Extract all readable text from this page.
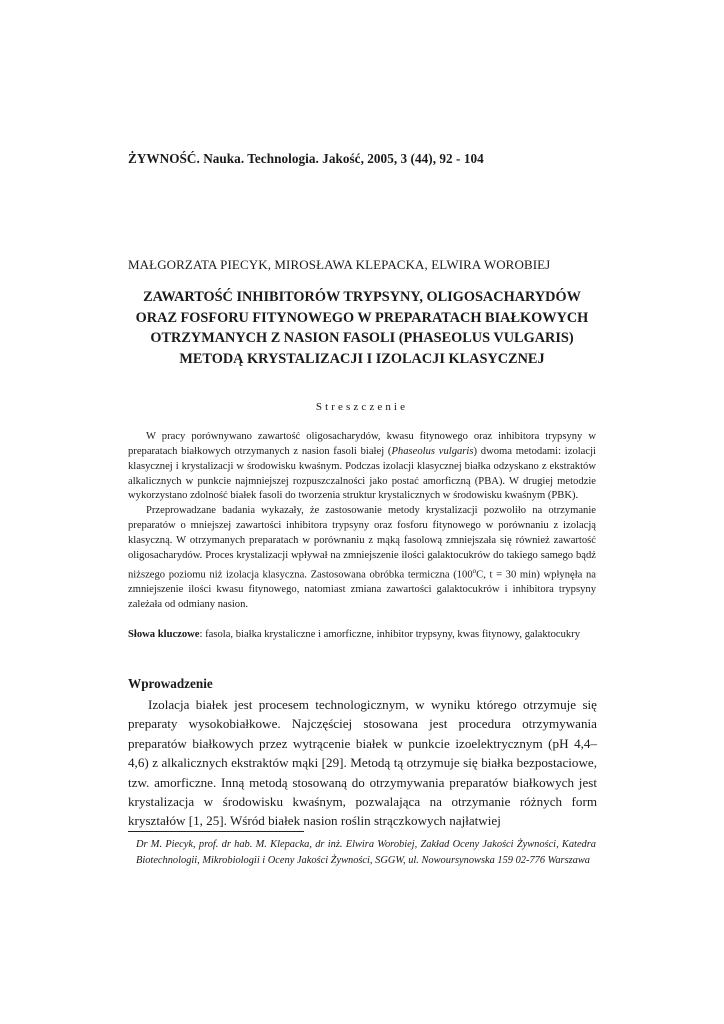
ŻYWNOŚĆ. Nauka. Technologia. Jakość, 2005, 3 (44), 92 - 104
MAŁGORZATA PIECYK, MIROSŁAWA KLEPACKA, ELWIRA WOROBIEJ
ZAWARTOŚĆ INHIBITORÓW TRYPSYNY, OLIGOSACHARYDÓW
ORAZ FOSFORU FITYNOWEGO W PREPARATACH BIAŁKOWYCH
OTRZYMANYCH Z NASION FASOLI (PHASEOLUS VULGARIS)
METODĄ KRYSTALIZACJI I IZOLACJI KLASYCZNEJ
Streszczenie

W pracy porównywano zawartość oligosacharydów, kwasu fitynowego oraz inhibitora trypsyny w preparatach białkowych otrzymanych z nasion fasoli białej (Phaseolus vulgaris) dwoma metodami: izolacji klasycznej i krystalizacji w środowisku kwaśnym. Podczas izolacji klasycznej białka odzyskano z ekstraktów alkalicznych w punkcie najmniejszej rozpuszczalności jako postać amorficzną (PBA). W drugiej metodzie wykorzystano zdolność białek fasoli do tworzenia struktur krystalicznych w środowisku kwaśnym (PBK).

Przeprowadzane badania wykazały, że zastosowanie metody krystalizacji pozwoliło na otrzymanie preparatów o mniejszej zawartości inhibitora trypsyny oraz fosforu fitynowego w porównaniu z izolacją klasyczną. W otrzymanych preparatach w porównaniu z mąką fasolową zmniejszała się również zawartość oligosacharydów. Proces krystalizacji wpływał na zmniejszenie ilości galaktocukrów do takiego samego bądź niższego poziomu niż izolacja klasyczna. Zastosowana obróbka termiczna (100$^o$C, t = 30 min) wpłynęła na zmniejszenie ilości kwasu fitynowego, natomiast zmiana zawartości galaktocukrów i inhibitora trypsyny zależała od odmiany nasion.

Słowa kluczowe: fasola, białka krystaliczne i amorficzne, inhibitor trypsyny, kwas fitynowy, galaktocukry
Wprowadzenie

Izolacja białek jest procesem technologicznym, w wyniku którego otrzymuje się preparaty wysokobiałkowe. Najczęściej stosowana jest procedura otrzymywania preparatów białkowych przez wytrącenie białek w punkcie izoelektrycznym (pH 4,4–4,6) z alkalicznych ekstraktów mąki [29]. Metodą tą otrzymuje się białka bezpostaciowe, tzw. amorficzne. Inną metodą stosowaną do otrzymywania preparatów białkowych jest krystalizacja w środowisku kwaśnym, pozwalająca na otrzymanie różnych form kryształów [1, 25]. Wśród białek nasion roślin strączkowych najłatwiej

Dr M. Piecyk, prof. dr hab. M. Klepacka, dr inż. Elwira Worobiej, Zakład Oceny Jakości Żywności, Katedra Biotechnologii, Mikrobiologii i Oceny Jakości Żywności, SGGW, ul. Nowoursynowska 159 02-776 Warszawa
